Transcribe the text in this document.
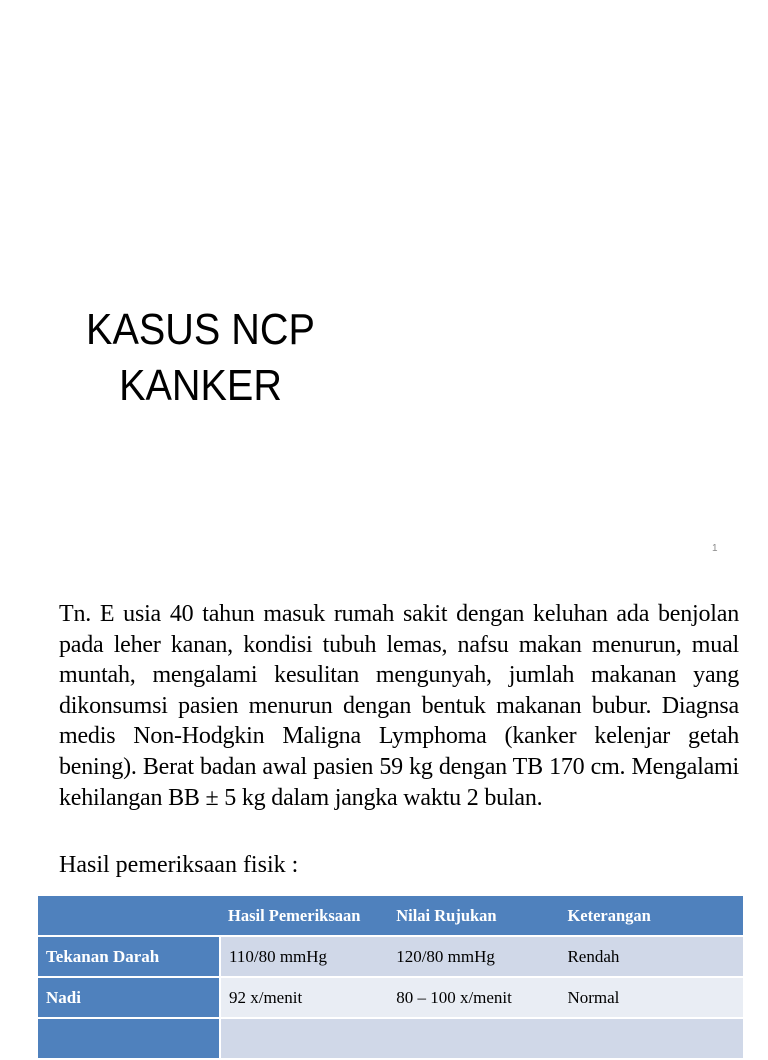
KASUS NCP
KANKER
1

Tn. E usia 40 tahun masuk rumah sakit dengan keluhan ada benjolan pada leher kanan, kondisi tubuh lemas, nafsu makan menurun, mual muntah, mengalami kesulitan mengunyah, jumlah makanan yang dikonsumsi pasien menurun dengan bentuk makanan bubur. Diagnsa medis Non-Hodgkin Maligna Lymphoma (kanker kelenjar getah bening). Berat badan awal pasien 59 kg dengan TB 170 cm. Mengalami kehilangan BB ± 5 kg dalam jangka waktu 2 bulan.

Hasil pemeriksaan fisik :

	Hasil Pemeriksaan	Nilai Rujukan	Keterangan
Tekanan Darah	110/80 mmHg	120/80 mmHg	Rendah
Nadi	92 x/menit	80 – 100 x/menit	Normal
